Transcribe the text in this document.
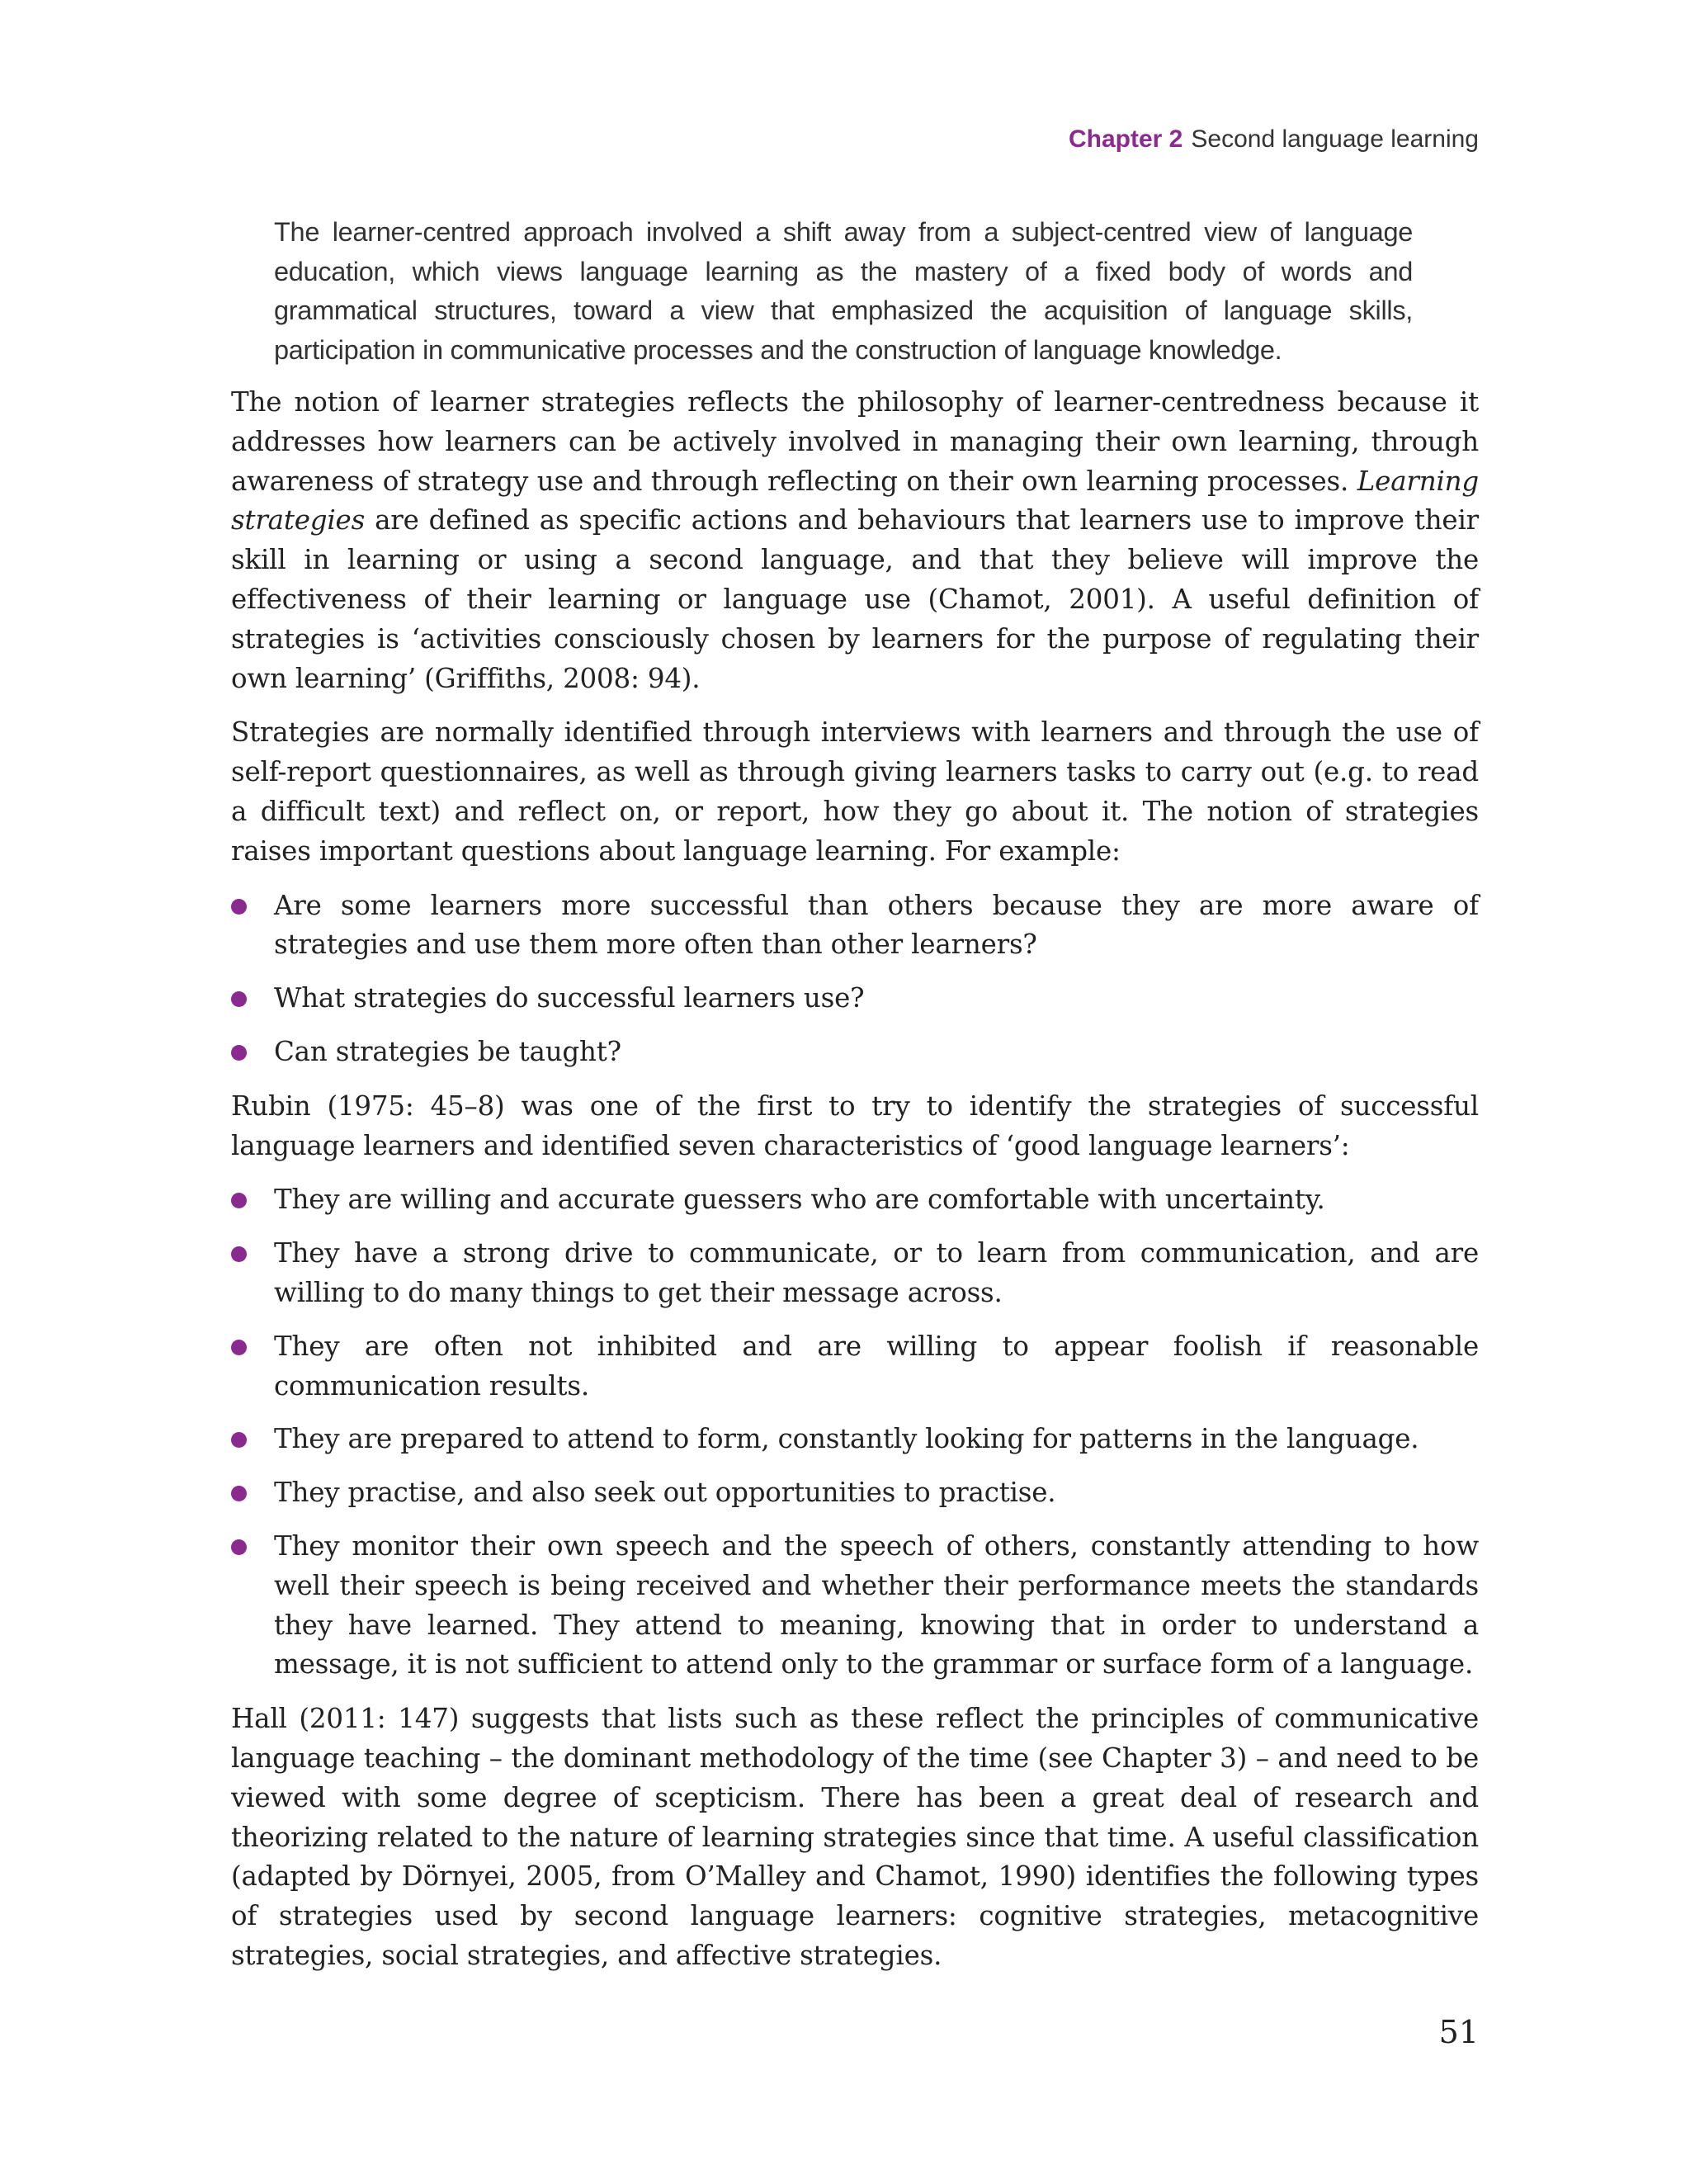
Chapter 2 Second language learning
The learner-centred approach involved a shift away from a subject-centred view of language education, which views language learning as the mastery of a fixed body of words and grammatical structures, toward a view that emphasized the acquisition of language skills, participation in communicative processes and the construction of language knowledge.

The notion of learner strategies reflects the philosophy of learner-centredness because it addresses how learners can be actively involved in managing their own learning, through awareness of strategy use and through reflecting on their own learning processes. Learning strategies are defined as specific actions and behaviours that learners use to improve their skill in learning or using a second language, and that they believe will improve the effectiveness of their learning or language use (Chamot, 2001). A useful definition of strategies is ‘activities consciously chosen by learners for the purpose of regulating their own learning’ (Griffiths, 2008: 94).

Strategies are normally identified through interviews with learners and through the use of self-report questionnaires, as well as through giving learners tasks to carry out (e.g. to read a difficult text) and reflect on, or report, how they go about it. The notion of strategies raises important questions about language learning. For example:

Are some learners more successful than others because they are more aware of strategies and use them more often than other learners?
What strategies do successful learners use?
Can strategies be taught?

Rubin (1975: 45–8) was one of the first to try to identify the strategies of successful language learners and identified seven characteristics of ‘good language learners’:

They are willing and accurate guessers who are comfortable with uncertainty.
They have a strong drive to communicate, or to learn from communication, and are willing to do many things to get their message across.
They are often not inhibited and are willing to appear foolish if reasonable communication results.
They are prepared to attend to form, constantly looking for patterns in the language.
They practise, and also seek out opportunities to practise.
They monitor their own speech and the speech of others, constantly attending to how well their speech is being received and whether their performance meets the standards they have learned. They attend to meaning, knowing that in order to understand a message, it is not sufficient to attend only to the grammar or surface form of a language.

Hall (2011: 147) suggests that lists such as these reflect the principles of communicative language teaching – the dominant methodology of the time (see Chapter 3) – and need to be viewed with some degree of scepticism. There has been a great deal of research and theorizing related to the nature of learning strategies since that time. A useful classification (adapted by Dörnyei, 2005, from O’Malley and Chamot, 1990) identifies the following types of strategies used by second language learners: cognitive strategies, metacognitive strategies, social strategies, and affective strategies.

51
